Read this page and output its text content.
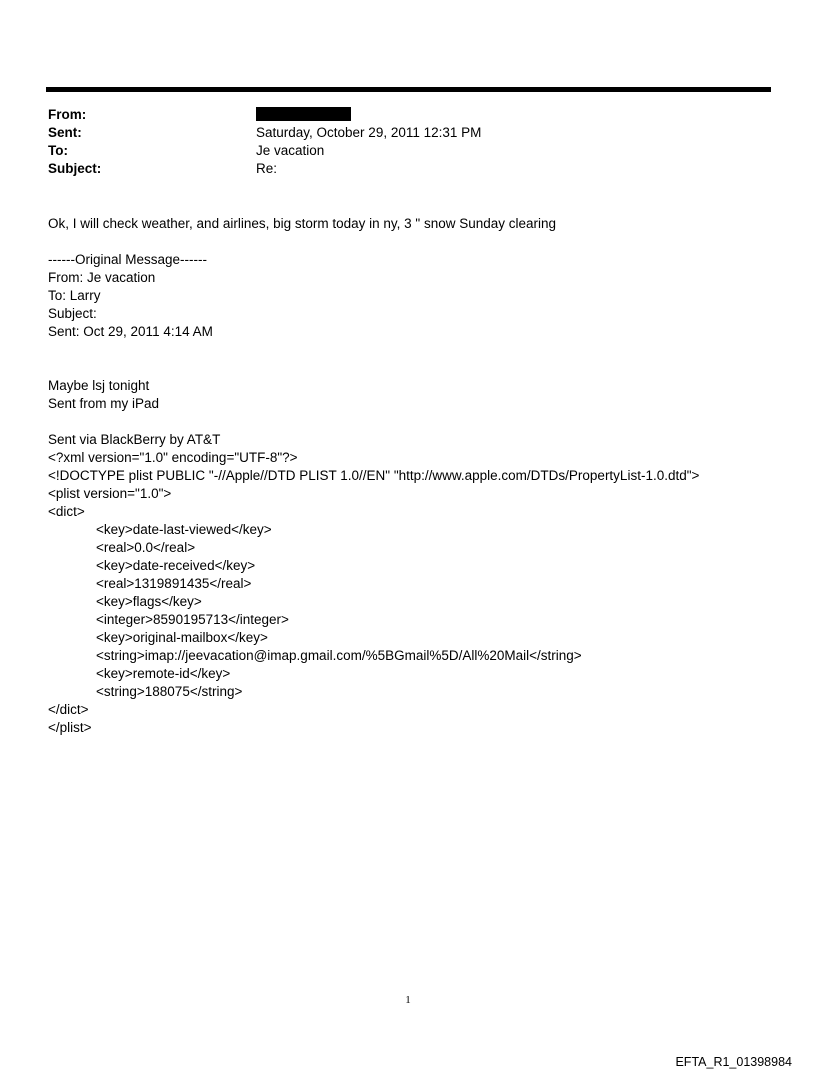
From:
Sent:	Saturday, October 29, 2011 12:31 PM
To:	Je vacation
Subject:	Re:
Ok, I will check weather, and airlines, big storm today in ny, 3 " snow Sunday clearing
------Original Message------
From: Je vacation
To: Larry
Subject:
Sent: Oct 29, 2011 4:14 AM
Maybe lsj tonight
Sent from my iPad
Sent via BlackBerry by AT&T
<?xml version="1.0" encoding="UTF-8"?>
<!DOCTYPE plist PUBLIC "-//Apple//DTD PLIST 1.0//EN" "http://www.apple.com/DTDs/PropertyList-1.0.dtd">
<plist version="1.0">
<dict>
<key>date-last-viewed</key>
<real>0.0</real>
<key>date-received</key>
<real>1319891435</real>
<key>flags</key>
<integer>8590195713</integer>
<key>original-mailbox</key>
<string>imap://jeevacation@imap.gmail.com/%5BGmail%5D/All%20Mail</string>
<key>remote-id</key>
<string>188075</string>
</dict>
</plist>
1
EFTA_R1_01398984
